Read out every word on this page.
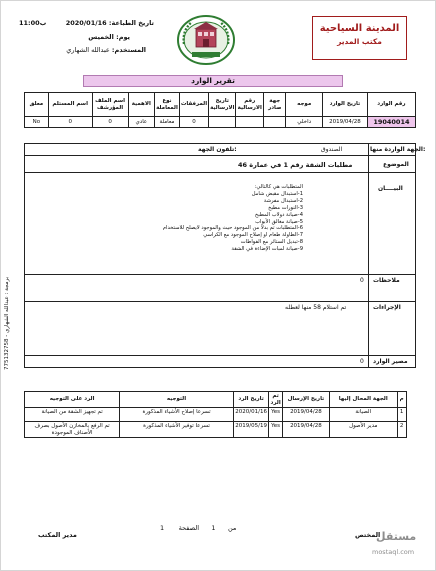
11:00ب	تاريخ الطباعة: 2020/01/16
يوم: الخميس
المستخدم: عبدالله الشهاري
المدينة السياحية
مكتب المدير
تقرير الوارد
معلق	اسم المستلم	اسم الملف المؤرشف	الاهمية	نوع المعاملة	المرفقات	تاريخ الارسالية	رقم الارسالية	جهة صادر	موجه	تاريخ الوارد	رقم الوارد
No	0	0	عادي	معاملة	0				داخلي	2019/04/28	19040014
الجهة الواردة منها:
الصندوق
تلفون الجهة:
الموضوع
مطلبات الشقة رقم 1 في عمارة 46
البيــــان
المتطلبات هي كالتالي:
1-استبدال مقبض شامل
2-استبدال مفرشة
3-النورات مطبخ
4-صيانة دولاب المطبخ
5-صيانة مغالق الأبواب
6-المتطلبات تم بدلا من الموجود حيث والموجود لايصلح للاستخدام
7-الطاولة طعام او إصلاح الموجود مع الكراسي
8-تبديل الستائر مع الفواطات
9-صيانة لمبات الإضاءة في الشقة
ملاحظات
0
الإجراءات
تم استلام 58 منها لعطله
مصير الوارد
0
الرد على التوجيه	التوجيه	تاريخ الرد	تم الرد	تاريخ الإرسال	الجهة المحال إليها	م	
تم تجهيز الشقة من الصيانة	تسرعا إصلاح الأشياء المذكورة	2020/01/16	Yes	2019/04/28	الصيانة	1	
تم الرفع بالمخازن الأصول بصرف الأصناف الموجودة	تسرعا توفير الأشياء المذكورة	2019/05/19	Yes	2019/04/28	مدير الأصول	2	
775132758 - برمجة : عبدالله الشهاري
المختص
مدير المكتب
1	من      1      الصفحة
مستقل
mostaql.com
